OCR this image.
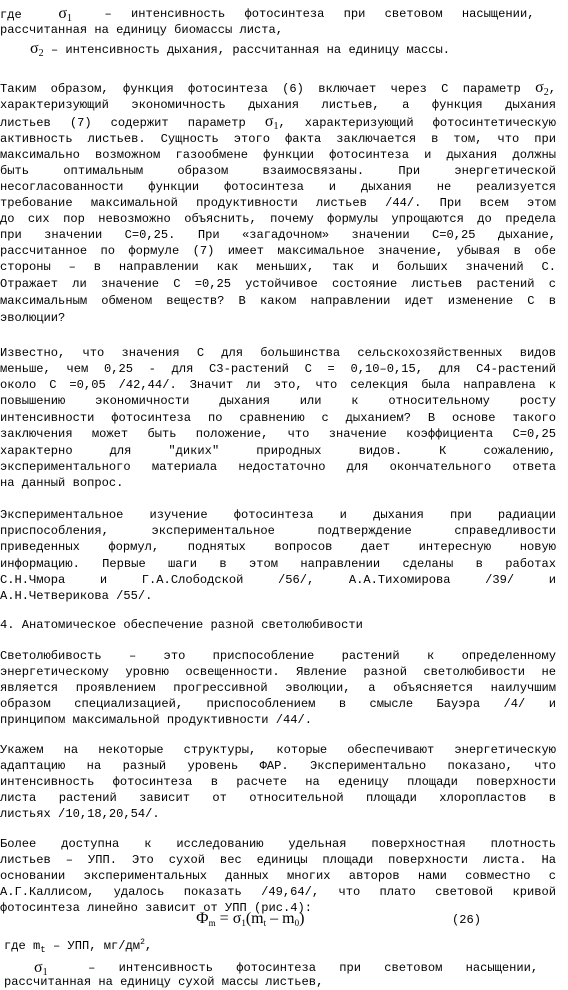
где $\sigma_1$	– интенсивность фотосинтеза при световом насыщении,
рассчитанная на единицу биомассы листа,
$\sigma_2$ – интенсивность дыхания, рассчитанная на единицу массы.
Таким образом, функция фотосинтеза (6) включает через С параметр $\sigma_2$,
характеризующий экономичность дыхания листьев, а функция дыхания
листьев (7) содержит параметр $\sigma_1$, характеризующий фотосинтетическую
активность листьев. Сущность этого факта заключается в том, что при
максимально возможном газообмене функции фотосинтеза и дыхания должны
быть оптимальным образом взаимосвязаны. При энергетической
несогласованности функции фотосинтеза и дыхания не реализуется
требование максимальной продуктивности листьев /44/. При всем этом
до сих пор невозможно объяснить, почему формулы упрощаются до предела
при значении С=0,25. При «загадочном» значении С=0,25 дыхание,
рассчитанное по формуле (7) имеет максимальное значение, убывая в обе
стороны – в направлении как меньших, так и больших значений С.
Отражает ли значение С =0,25 устойчивое состояние листьев растений с
максимальным обменом веществ? В каком направлении идет изменение С в
эволюции?
Известно, что значения С для большинства сельскохозяйственных видов
меньше, чем 0,25 - для С3-растений С = 0,10–0,15, для С4-растений
около С =0,05 /42,44/. Значит ли это, что селекция была направлена к
повышению экономичности дыхания или к относительному росту
интенсивности фотосинтеза по сравнению с дыханием? В основе такого
заключения может быть положение, что значение коэффициента С=0,25
характерно для "диких" природных видов. К сожалению,
экспериментального материала недостаточно для окончательного ответа
на данный вопрос.
Экспериментальное изучение фотосинтеза и дыхания при радиации
приспособления, экспериментальное подтверждение справедливости
приведенных формул, поднятых вопросов дает интересную новую
информацию. Первые шаги в этом направлении сделаны в работах
С.Н.Чмора и Г.А.Слободской /56/, А.А.Тихомирова /39/ и
А.Н.Четверикова /55/.
4. Анатомическое обеспечение разной светолюбивости
Светолюбивость – это приспособление растений к определенному
энергетическому уровню освещенности. Явление разной светолюбивости не
является проявлением прогрессивной эволюции, а объясняется наилучшим
образом специализацией, приспособлением в смысле Бауэра /4/ и
принципом максимальной продуктивности /44/.
Укажем на некоторые структуры, которые обеспечивают энергетическую
адаптацию на разный уровень ФАР. Экспериментально показано, что
интенсивность фотосинтеза в расчете на еденицу площади поверхности
листа растений зависит от относительной площади хлоропластов в
листьях /10,18,20,54/.
Более доступна к исследованию удельная поверхностная плотность
листьев – УПП. Это сухой вес единицы площади поверхности листа. На
основании экспериментальных данных многих авторов нами совместно с
А.Г.Каллисом, удалось показать /49,64/, что плато световой кривой
фотосинтеза линейно зависит от УПП (рис.4):
$Ф_m = \sigma_1(m_t - m_0)$	(26)
где $m_t$ – УПП, $мг/дм^2$,
$\sigma_1$	– интенсивность фотосинтеза при световом насыщении,
рассчитанная на единицу сухой массы листьев,
